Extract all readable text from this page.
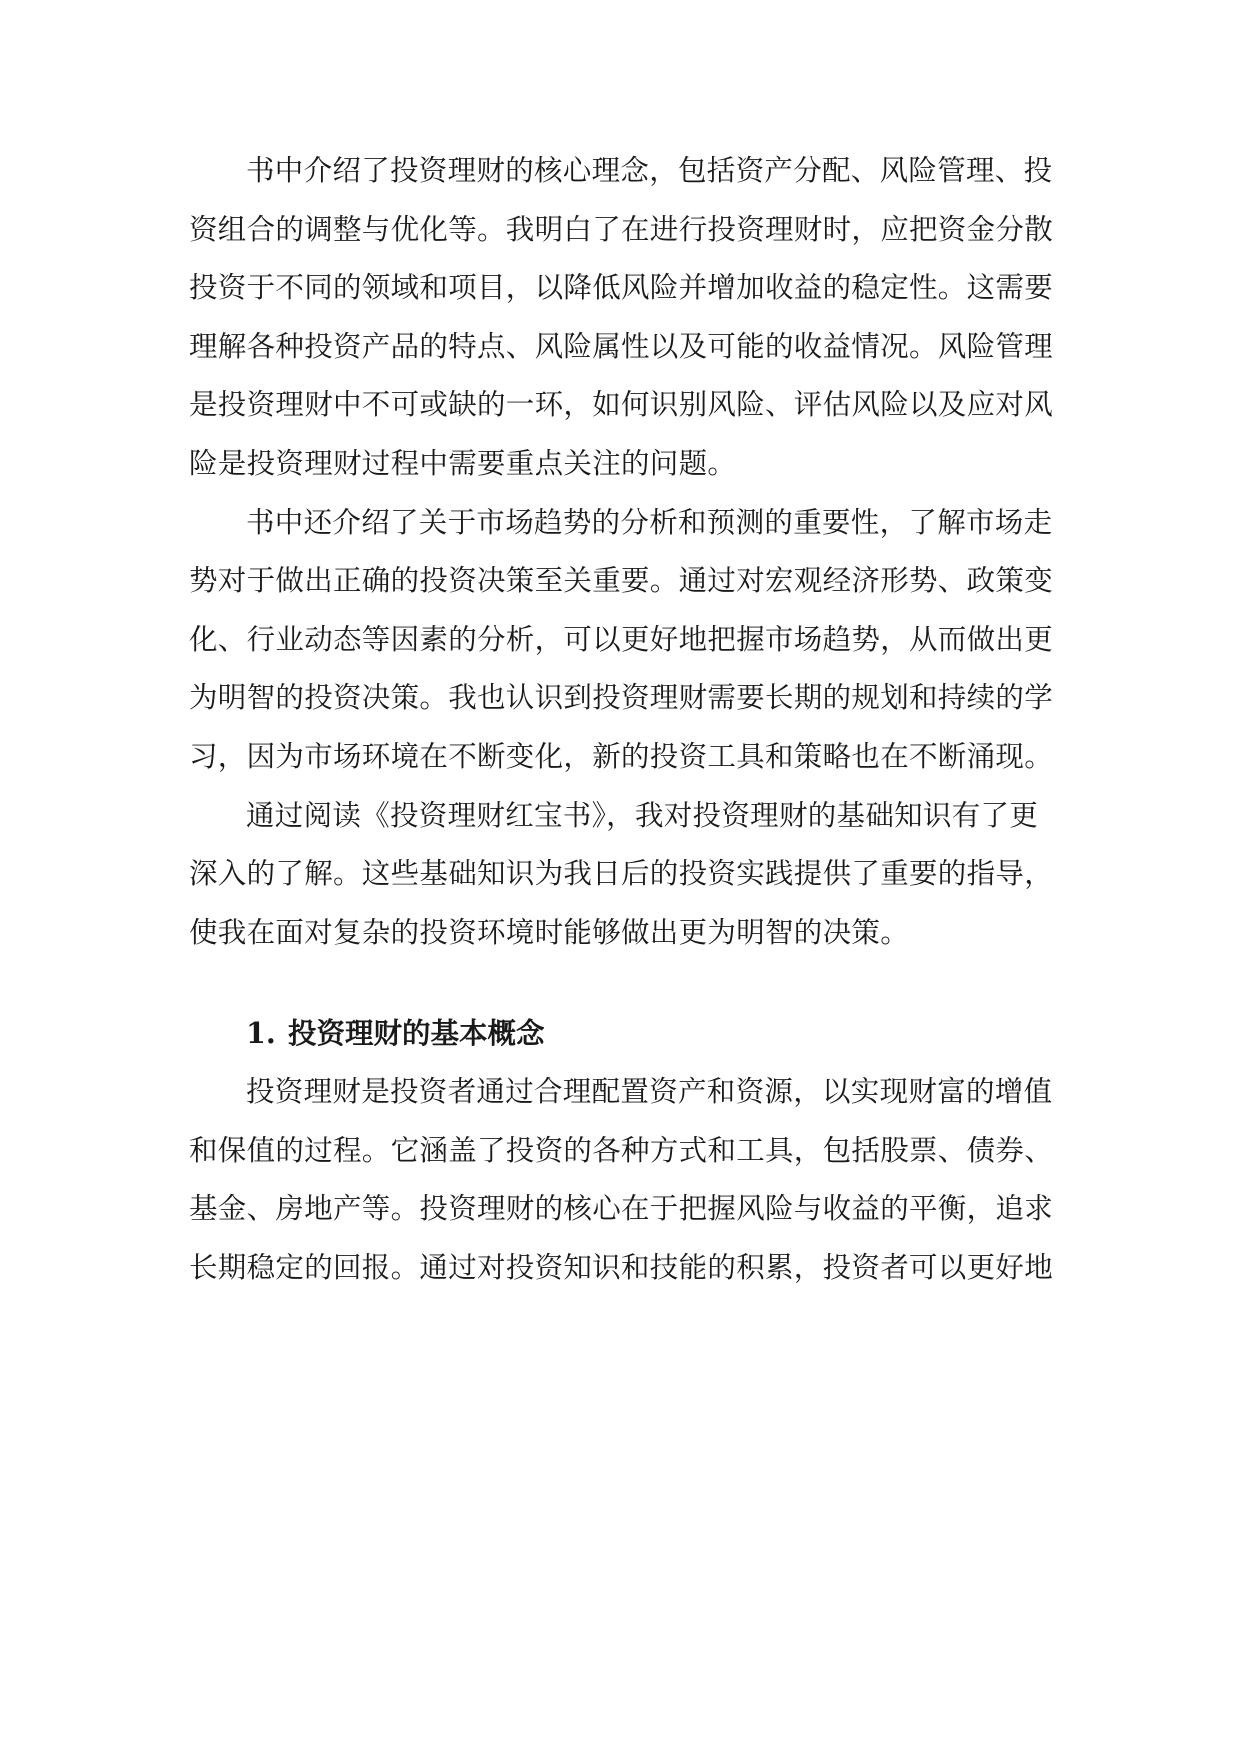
书中介绍了投资理财的核心理念，包括资产分配、风险管理、投
资组合的调整与优化等。我明白了在进行投资理财时，应把资金分散
投资于不同的领域和项目，以降低风险并增加收益的稳定性。这需要
理解各种投资产品的特点、风险属性以及可能的收益情况。风险管理
是投资理财中不可或缺的一环，如何识别风险、评估风险以及应对风
险是投资理财过程中需要重点关注的问题。
书中还介绍了关于市场趋势的分析和预测的重要性，了解市场走
势对于做出正确的投资决策至关重要。通过对宏观经济形势、政策变
化、行业动态等因素的分析，可以更好地把握市场趋势，从而做出更
为明智的投资决策。我也认识到投资理财需要长期的规划和持续的学
习，因为市场环境在不断变化，新的投资工具和策略也在不断涌现。
通过阅读《投资理财红宝书》，我对投资理财的基础知识有了更
深入的了解。这些基础知识为我日后的投资实践提供了重要的指导，
使我在面对复杂的投资环境时能够做出更为明智的决策。
1. 投资理财的基本概念
投资理财是投资者通过合理配置资产和资源，以实现财富的增值
和保值的过程。它涵盖了投资的各种方式和工具，包括股票、债券、
基金、房地产等。投资理财的核心在于把握风险与收益的平衡，追求
长期稳定的回报。通过对投资知识和技能的积累，投资者可以更好地
